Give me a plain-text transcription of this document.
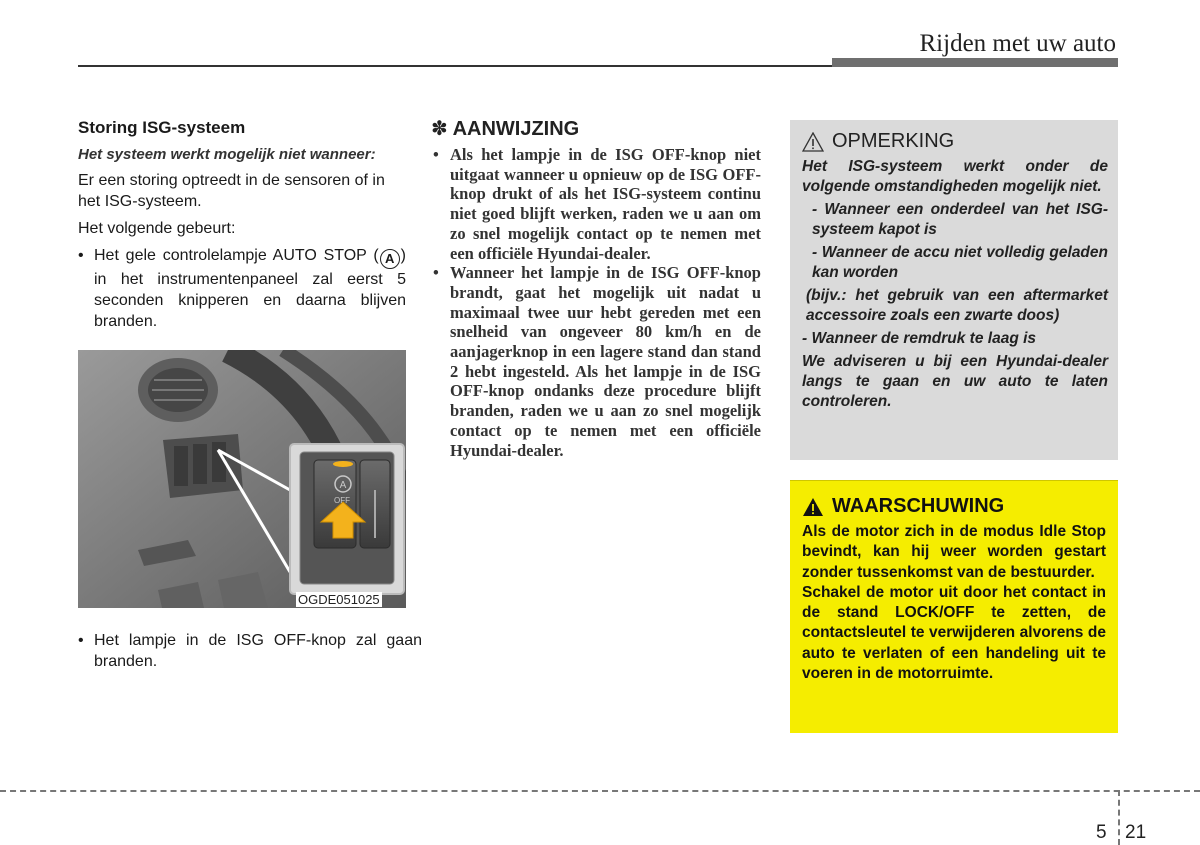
Rijden met uw auto
Storing ISG-systeem
Het systeem werkt mogelijk niet wanneer:
Er een storing optreedt in de sensoren of in het ISG-systeem.
Het volgende gebeurt:
• Het gele controlelampje AUTO STOP ( A ) in het instrumentenpaneel zal eerst 5 seconden knipperen en daarna blijven branden.
A
OFF
OGDE051025
• Het lampje in de ISG OFF-knop zal gaan branden.
✽ AANWIJZING
• Als het lampje in de ISG OFF-knop niet uitgaat wanneer u opnieuw op de ISG OFF-knop drukt of als het ISG-systeem continu niet goed blijft werken, raden we u aan om zo snel mogelijk contact op te nemen met een officiële Hyundai-dealer.
• Wanneer het lampje in de ISG OFF-knop brandt, gaat het mogelijk uit nadat u maximaal twee uur hebt gereden met een snelheid van ongeveer 80 km/h en de aanjagerknop in een lagere stand dan stand 2 hebt ingesteld. Als het lampje in de ISG OFF-knop ondanks deze procedure blijft branden, raden we u aan zo snel mogelijk contact op te nemen met een officiële Hyundai-dealer.
OPMERKING

Het ISG-systeem werkt onder de volgende omstandigheden mogelijk niet.

- Wanneer een onderdeel van het ISG-systeem kapot is
- Wanneer de accu niet volledig geladen kan worden
(bijv.: het gebruik van een aftermarket accessoire zoals een zwarte doos)
- Wanneer de remdruk te laag is
We adviseren u bij een Hyundai-dealer langs te gaan en uw auto te laten controleren.
WAARSCHUWING

Als de motor zich in de modus Idle Stop bevindt, kan hij weer worden gestart zonder tussenkomst van de bestuurder.

Schakel de motor uit door het contact in de stand LOCK/OFF te zetten, de contactsleutel te verwijderen alvorens de auto te verlaten of een handeling uit te voeren in de motorruimte.

5 21
